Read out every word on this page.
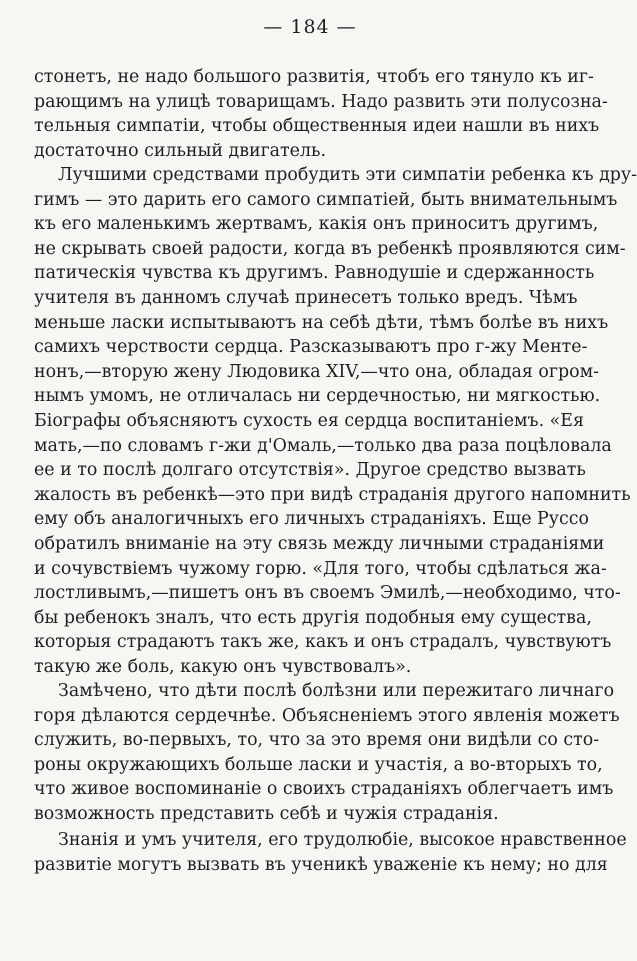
— 184 —
стонетъ, не надо большого развитія, чтобъ его тянуло къ иг-
рающимъ на улицѣ товарищамъ. Надо развить эти полусозна-
тельныя симпатіи, чтобы общественныя идеи нашли въ нихъ
достаточно сильный двигатель.
Лучшими средствами пробудить эти симпатіи ребенка къ дру-
гимъ — это дарить его самого симпатіей, быть внимательнымъ
къ его маленькимъ жертвамъ, какія онъ приноситъ другимъ,
не скрывать своей радости, когда въ ребенкѣ проявляются сим-
патическія чувства къ другимъ. Равнодушіе и сдержанность
учителя въ данномъ случаѣ принесетъ только вредъ. Чѣмъ
меньше ласки испытываютъ на себѣ дѣти, тѣмъ болѣе въ нихъ
самихъ черствости сердца. Разсказываютъ про г-жу Ментe-
нонъ,—вторую жену Людовика XIV,—что она, обладая огром-
нымъ умомъ, не отличалась ни сердечностью, ни мягкостью.
Біографы объясняютъ сухость ея сердца воспитаніемъ. «Ея
мать,—по словамъ г-жи д'Омаль,—только два раза поцѣловала
ее и то послѣ долгаго отсутствія». Другое средство вызвать
жалость въ ребенкѣ—это при видѣ страданія другого напомнить
ему объ аналогичныхъ его личныхъ страданіяхъ. Еще Руссо
обратилъ вниманіе на эту связь между личными страданіями
и сочувствіемъ чужому горю. «Для того, чтобы сдѣлаться жа-
лостливымъ,—пишетъ онъ въ своемъ Эмилѣ,—необходимо, что-
бы ребенокъ зналъ, что есть другія подобныя ему существа,
которыя страдаютъ такъ же, какъ и онъ страдалъ, чувствуютъ
такую же боль, какую онъ чувствовалъ».
Замѣчено, что дѣти послѣ болѣзни или пережитаго личнаго
горя дѣлаются сердечнѣе. Объясненіемъ этого явленія можетъ
служить, во-первыхъ, то, что за это время они видѣли со сто-
роны окружающихъ больше ласки и участія, а во-вторыхъ то,
что живое воспоминаніе о своихъ страданіяхъ облегчаетъ имъ
возможность представить себѣ и чужія страданія.
Знанія и умъ учителя, его трудолюбіе, высокое нравственное
развитіе могутъ вызвать въ ученикѣ уваженіе къ нему; но для
